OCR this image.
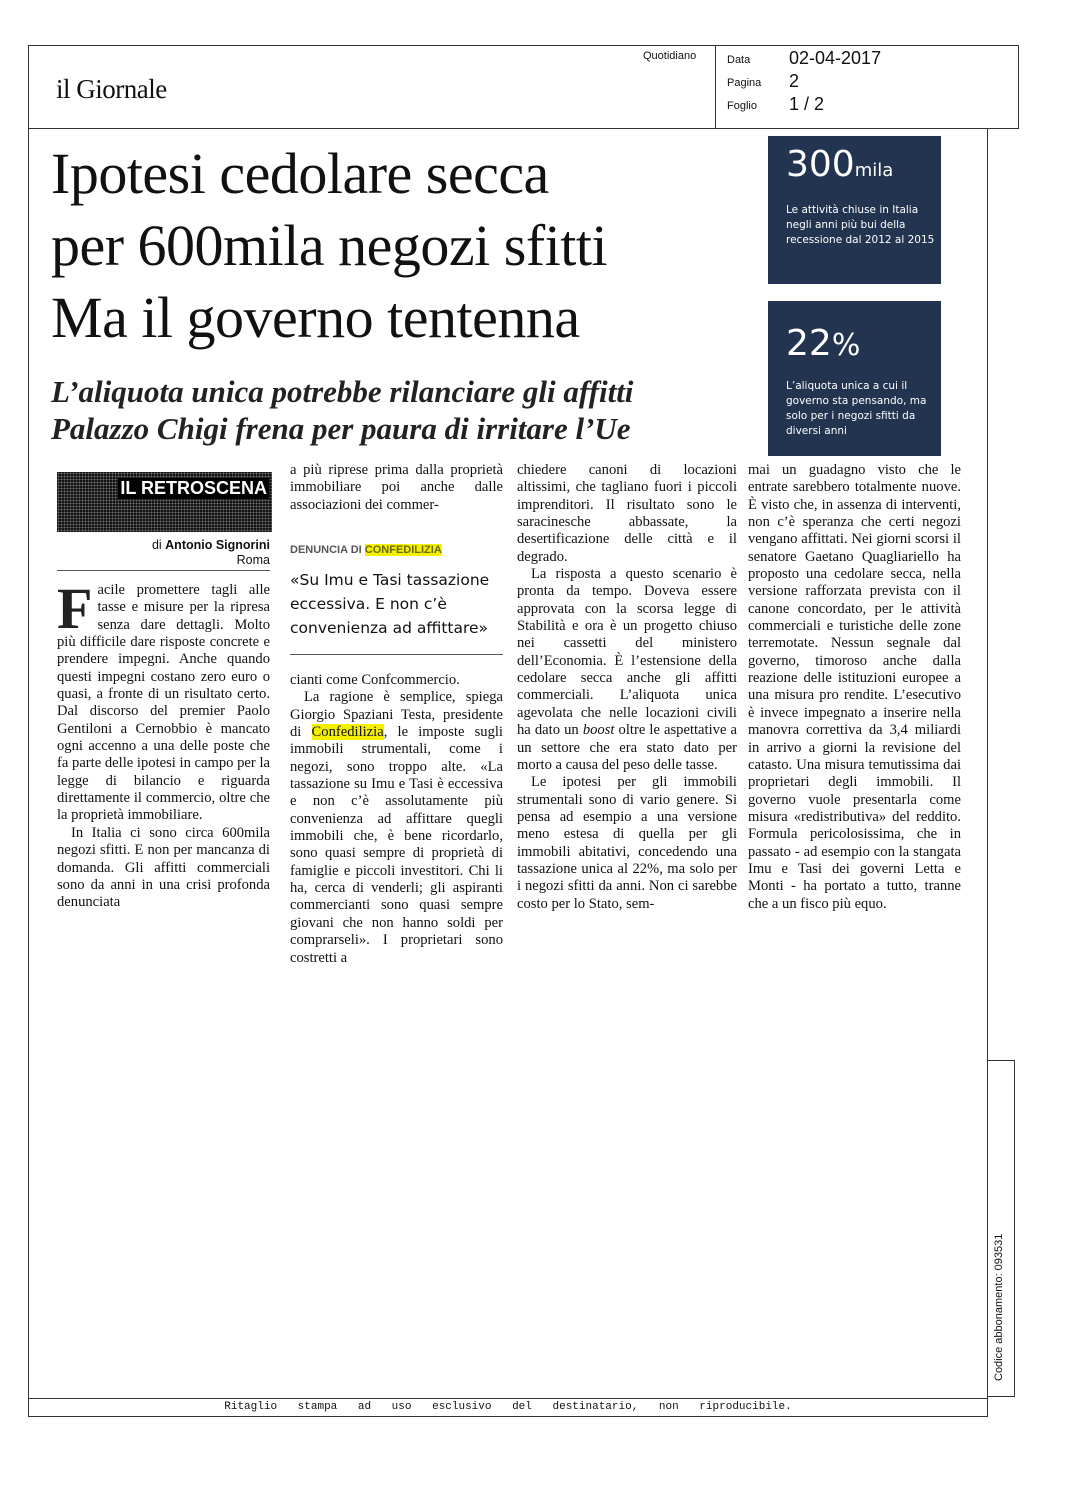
il Giornale
Quotidiano	Data 02-04-2017
Pagina 2
Foglio 1 / 2
Ipotesi cedolare secca
per 600mila negozi sfitti
Ma il governo tentenna
L’aliquota unica potrebbe rilanciare gli affitti
Palazzo Chigi frena per paura di irritare l’Ue
300mila
Le attività chiuse in Italia negli anni più bui della recessione dal 2012 al 2015
22%
L’aliquota unica a cui il governo sta pensando, ma solo per i negozi sfitti da diversi anni
IL RETROSCENA
di Antonio Signorini
Roma

Facile promettere tagli alle tasse e misure per la ripresa senza dare dettagli. Molto più difficile dare risposte concrete e prendere impegni. Anche quando questi impegni costano zero euro o quasi, a fronte di un risultato certo. Dal discorso del premier Paolo Gentiloni a Cernobbio è mancato ogni accenno a una delle poste che fa parte delle ipotesi in campo per la legge di bilancio e riguarda direttamente il commercio, oltre che la proprietà immobiliare.

In Italia ci sono circa 600mila negozi sfitti. E non per mancanza di domanda. Gli affitti commerciali sono da anni in una crisi profonda denunciata

a più riprese prima dalla proprietà immobiliare poi anche dalle associazioni dei commer-

DENUNCIA DI CONFEDILIZIA

«Su Imu e Tasi tassazione eccessiva. E non c’è convenienza ad affittare»

cianti come Confcommercio.

La ragione è semplice, spiega Giorgio Spaziani Testa, presidente di Confedilizia, le imposte sugli immobili strumentali, come i negozi, sono troppo alte. «La tassazione su Imu e Tasi è eccessiva e non c’è assolutamente più convenienza ad affittare quegli immobili che, è bene ricordarlo, sono quasi sempre di proprietà di famiglie e piccoli investitori. Chi li ha, cerca di venderli; gli aspiranti commercianti sono quasi sempre giovani che non hanno soldi per comprarseli». I proprietari sono costretti a

chiedere canoni di locazioni altissimi, che tagliano fuori i piccoli imprenditori. Il risultato sono le saracinesche abbassate, la desertificazione delle città e il degrado.

La risposta a questo scenario è pronta da tempo. Doveva essere approvata con la scorsa legge di Stabilità e ora è un progetto chiuso nei cassetti del ministero dell’Economia. È l’estensione della cedolare secca anche gli affitti commerciali. L’aliquota unica agevolata che nelle locazioni civili ha dato un boost oltre le aspettative a un settore che era stato dato per morto a causa del peso delle tasse.

Le ipotesi per gli immobili strumentali sono di vario genere. Si pensa ad esempio a una versione meno estesa di quella per gli immobili abitativi, concedendo una tassazione unica al 22%, ma solo per i negozi sfitti da anni. Non ci sarebbe costo per lo Stato, sem-

mai un guadagno visto che le entrate sarebbero totalmente nuove. È visto che, in assenza di interventi, non c’è speranza che certi negozi vengano affittati. Nei giorni scorsi il senatore Gaetano Quagliariello ha proposto una cedolare secca, nella versione rafforzata prevista con il canone concordato, per le attività commerciali e turistiche delle zone terremotate. Nessun segnale dal governo, timoroso anche dalla reazione delle istituzioni europee a una misura pro rendite. L’esecutivo è invece impegnato a inserire nella manovra correttiva da 3,4 miliardi in arrivo a giorni la revisione del catasto. Una misura temutissima dai proprietari degli immobili. Il governo vuole presentarla come misura «redistributiva» del reddito. Formula pericolosissima, che in passato - ad esempio con la stangata Imu e Tasi dei governi Letta e Monti - ha portato a tutto, tranne che a un fisco più equo.

Codice abbonamento: 093531
Ritaglio stampa ad uso esclusivo del destinatario, non riproducibile.
